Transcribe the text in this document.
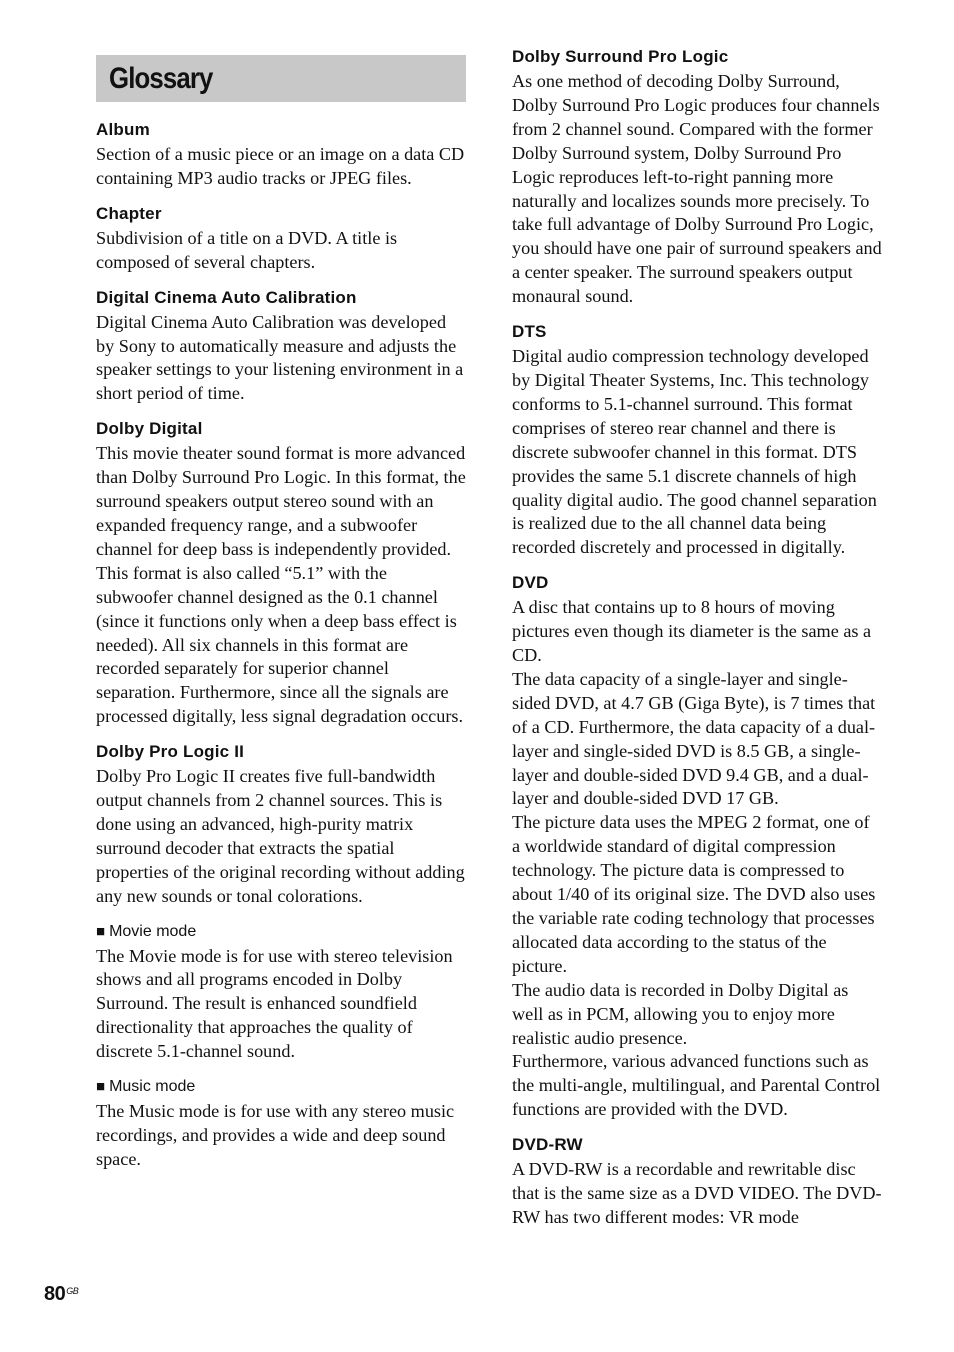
Glossary
Album

Section of a music piece or an image on a data CD containing MP3 audio tracks or JPEG files.

Chapter

Subdivision of a title on a DVD. A title is composed of several chapters.

Digital Cinema Auto Calibration

Digital Cinema Auto Calibration was developed by Sony to automatically measure and adjusts the speaker settings to your listening environment in a short period of time.

Dolby Digital

This movie theater sound format is more advanced than Dolby Surround Pro Logic. In this format, the surround speakers output stereo sound with an expanded frequency range, and a subwoofer channel for deep bass is independently provided. This format is also called “5.1” with the subwoofer channel designed as the 0.1 channel (since it functions only when a deep bass effect is needed). All six channels in this format are recorded separately for superior channel separation. Furthermore, since all the signals are processed digitally, less signal degradation occurs.

Dolby Pro Logic II

Dolby Pro Logic II creates five full-bandwidth output channels from 2 channel sources. This is done using an advanced, high-purity matrix surround decoder that extracts the spatial properties of the original recording without adding any new sounds or tonal colorations.

■ Movie mode

The Movie mode is for use with stereo television shows and all programs encoded in Dolby Surround. The result is enhanced soundfield directionality that approaches the quality of discrete 5.1-channel sound.

■ Music mode

The Music mode is for use with any stereo music recordings, and provides a wide and deep sound space.

Dolby Surround Pro Logic

As one method of decoding Dolby Surround, Dolby Surround Pro Logic produces four channels from 2 channel sound. Compared with the former Dolby Surround system, Dolby Surround Pro Logic reproduces left-to-right panning more naturally and localizes sounds more precisely. To take full advantage of Dolby Surround Pro Logic, you should have one pair of surround speakers and a center speaker. The surround speakers output monaural sound.

DTS

Digital audio compression technology developed by Digital Theater Systems, Inc. This technology conforms to 5.1-channel surround. This format comprises of stereo rear channel and there is discrete subwoofer channel in this format. DTS provides the same 5.1 discrete channels of high quality digital audio. The good channel separation is realized due to the all channel data being recorded discretely and processed in digitally.

DVD

A disc that contains up to 8 hours of moving pictures even though its diameter is the same as a CD.

The data capacity of a single-layer and single-sided DVD, at 4.7 GB (Giga Byte), is 7 times that of a CD. Furthermore, the data capacity of a dual-layer and single-sided DVD is 8.5 GB, a single-layer and double-sided DVD 9.4 GB, and a dual-layer and double-sided DVD 17 GB.

The picture data uses the MPEG 2 format, one of a worldwide standard of digital compression technology. The picture data is compressed to about 1/40 of its original size. The DVD also uses the variable rate coding technology that processes allocated data according to the status of the picture.

The audio data is recorded in Dolby Digital as well as in PCM, allowing you to enjoy more realistic audio presence.

Furthermore, various advanced functions such as the multi-angle, multilingual, and Parental Control functions are provided with the DVD.

DVD-RW

A DVD-RW is a recordable and rewritable disc that is the same size as a DVD VIDEO. The DVD-RW has two different modes: VR mode

$80^{GB}$
